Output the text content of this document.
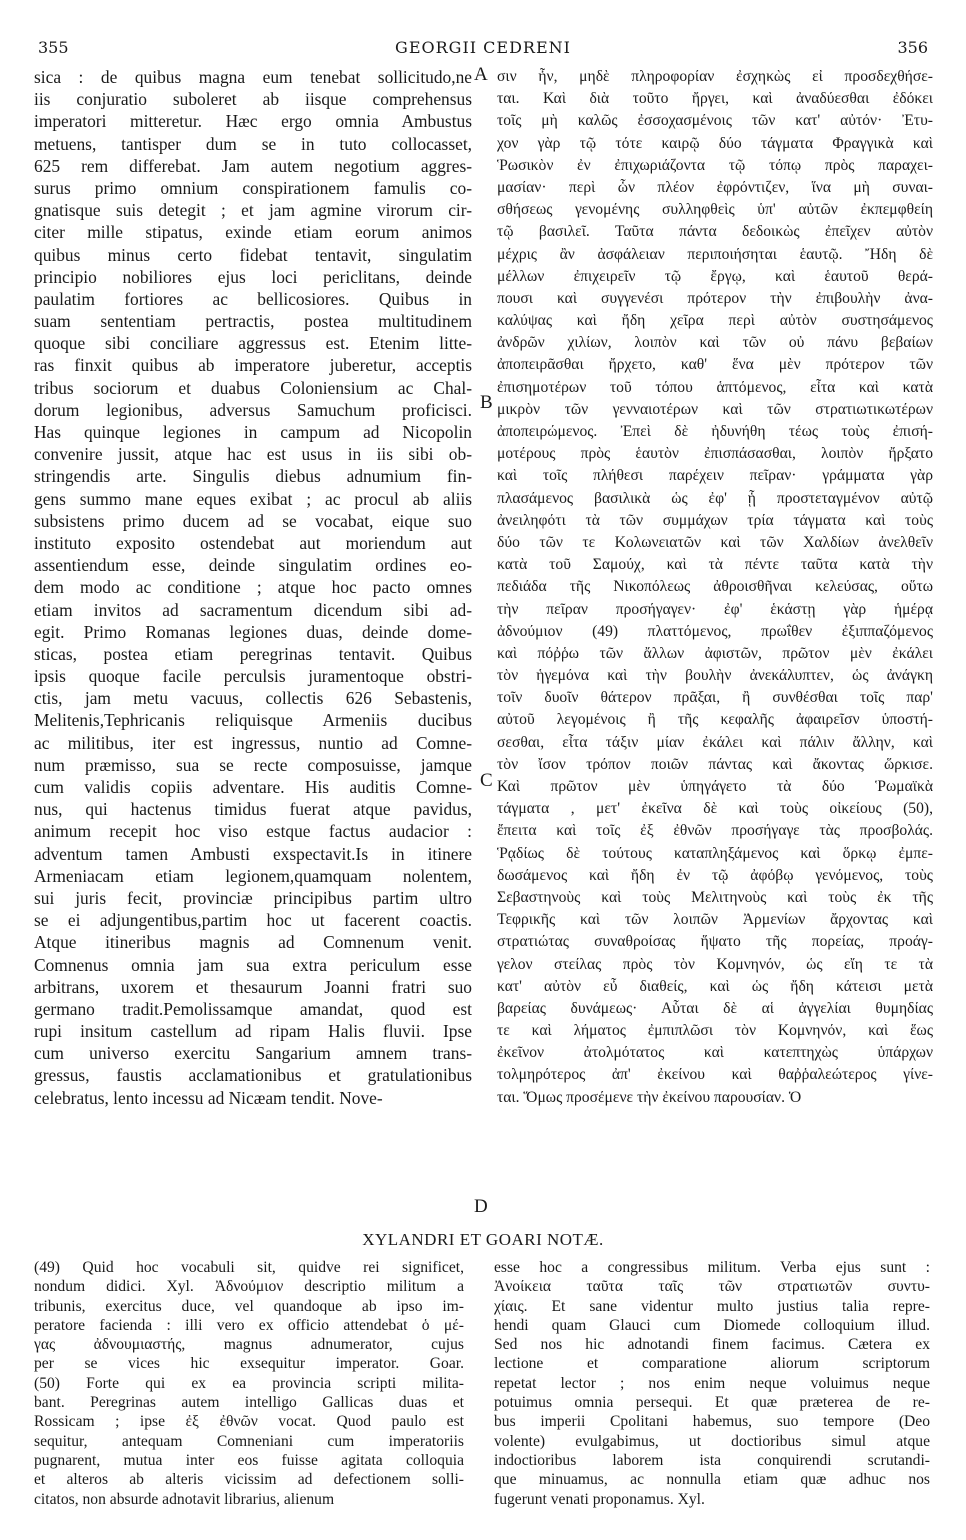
355	GEORGII CEDRENI	356
sica : de quibus magna eum tenebat sollicitudo,ne
iis conjuratio suboleret ab iisque comprehensus
imperatori mitteretur. Hæc ergo omnia Ambustus
metuens, tantisper dum se in tuto collocasset,
625 rem differebat. Jam autem negotium aggres-
surus primo omnium conspirationem famulis co-
gnatisque suis detegit ; et jam agmine virorum cir-
citer mille stipatus, exinde etiam eorum animos
quibus minus certo fidebat tentavit, singulatim
principio nobiliores ejus loci periclitans, deinde
paulatim fortiores ac bellicosiores. Quibus in
suam sententiam pertractis, postea multitudinem
quoque sibi conciliare aggressus est. Etenim litte-
ras finxit quibus ab imperatore juberetur, acceptis
tribus sociorum et duabus Coloniensium ac Chal-
dorum legionibus, adversus Samuchum proficisci.
Has quinque legiones in campum ad Nicopolin
convenire jussit, atque hac est usus in iis sibi ob-
stringendis arte. Singulis diebus adnumium fin-
gens summo mane eques exibat ; ac procul ab aliis
subsistens primo ducem ad se vocabat, eique suo
instituto exposito ostendebat aut moriendum aut
assentiendum esse, deinde singulatim ordines eo-
dem modo ac conditione ; atque hoc pacto omnes
etiam invitos ad sacramentum dicendum sibi ad-
egit. Primo Romanas legiones duas, deinde dome-
sticas, postea etiam peregrinas tentavit. Quibus
ipsis quoque facile perculsis juramentoque obstri-
ctis, jam metu vacuus, collectis 626 Sebastenis,
Melitenis,Tephricanis reliquisque Armeniis ducibus
ac militibus, iter est ingressus, nuntio ad Comne-
num præmisso, sua se recte composuisse, jamque
cum validis copiis adventare. His auditis Comne-
nus, qui hactenus timidus fuerat atque pavidus,
animum recepit hoc viso estque factus audacior :
adventum tamen Ambusti exspectavit.Is in itinere
Armeniacam etiam legionem,quamquam nolentem,
sui juris fecit, provinciæ principibus partim ultro
se ei adjungentibus,partim hoc ut facerent coactis.
Atque itineribus magnis ad Comnenum venit.
Comnenus omnia jam sua extra periculum esse
arbitrans, uxorem et thesaurum Joanni fratri suo
germano tradit.Pemolissamque amandat, quod est
rupi insitum castellum ad ripam Halis fluvii. Ipse
cum universo exercitu Sangarium amnem trans-
gressus, faustis acclamationibus et gratulationibus
celebratus, lento incessu ad Nicæam tendit. Nove-
A
B
C
D
σιν ἦν, μηδὲ πληροφορίαν ἐσχηκὼς εἰ προσδεχθήσε-
ται. Καὶ διὰ τοῦτο ἤργει, καὶ ἀναδύεσθαι ἐδόκει
τοῖς μὴ καλῶς ἐσσοχασμένοις τῶν κατ' αὐτόν· Ἐτυ-
χον γὰρ τῷ τότε καιρῷ δύο τάγματα Φραγγικὰ καὶ
Ῥωσικὸν ἐν ἐπιχωριάζοντα τῷ τόπῳ πρὸς παραχει-
μασίαν· περὶ ὧν πλέον ἐφρόντιζεν, ἵνα μὴ συναι-
σθήσεως γενομένης συλληφθεὶς ὑπ' αὐτῶν ἐκπεμφθείη
τῷ βασιλεῖ. Ταῦτα πάντα δεδοικὼς ἐπεῖχεν αὐτὸν
μέχρις ἂν ἀσφάλειαν περιποιήσηται ἑαυτῷ. Ἤδη δὲ
μέλλων ἐπιχειρεῖν τῷ ἔργῳ, καὶ ἑαυτοῦ θερά-
πουσι καὶ συγγενέσι πρότερον τὴν ἐπιβουλὴν ἀνα-
καλύψας καὶ ἤδη χεῖρα περὶ αὐτὸν συστησάμενος
ἀνδρῶν χιλίων, λοιπὸν καὶ τῶν οὐ πάνυ βεβαίων
ἀποπειρᾶσθαι ἤρχετο, καθ' ἕνα μὲν πρότερον τῶν
ἐπισημοτέρων τοῦ τόπου ἁπτόμενος, εἶτα καὶ κατὰ
μικρὸν τῶν γενναιοτέρων καὶ τῶν στρατιωτικωτέρων
ἀποπειρώμενος. Ἐπεὶ δὲ ἠδυνήθη τέως τοὺς ἐπισή-
μοτέρους πρὸς ἑαυτὸν ἐπισπάσασθαι, λοιπὸν ἤρξατο
καὶ τοῖς πλήθεσι παρέχειν πεῖραν· γράμματα γὰρ
πλασάμενος βασιλικὰ ὡς ἐφ' ᾗ προστεταγμένον αὐτῷ
ἀνειληφότι τὰ τῶν συμμάχων τρία τάγματα καὶ τοὺς
δύο τῶν τε Κολωνειατῶν καὶ τῶν Χαλδίων ἀνελθεῖν
κατὰ τοῦ Σαμούχ, καὶ τὰ πέντε ταῦτα κατὰ τὴν
πεδιάδα τῆς Νικοπόλεως ἀθροισθῆναι κελεύσας, οὕτω
τὴν πεῖραν προσήγαγεν· ἐφ' ἑκάστῃ γὰρ ἡμέρᾳ
ἀδνούμιον (49) πλαττόμενος, πρωΐθεν ἐξιππαζόμενος
καὶ πόῤῥω τῶν ἄλλων ἀφιστῶν, πρῶτον μὲν ἐκάλει
τὸν ἡγεμόνα καὶ τὴν βουλὴν ἀνεκάλυπτεν, ὡς ἀνάγκη
τοῖν δυοῖν θάτερον πρᾶξαι, ἢ συνθέσθαι τοῖς παρ'
αὐτοῦ λεγομένοις ἢ τῆς κεφαλῆς ἀφαιρεῖσν ὑποστή-
σεσθαι, εἶτα τάξιν μίαν ἐκάλει καὶ πάλιν ἄλλην, καὶ
τὸν ἴσον τρόπον ποιῶν πάντας καὶ ἄκοντας ὥρκισε.
Καὶ πρῶτον μὲν ὑπηγάγετο τὰ δύο Ῥωμαϊκὰ
τάγματα , μετ' ἐκεῖνα δὲ καὶ τοὺς οἰκείους (50),
ἔπειτα καὶ τοῖς ἐξ ἐθνῶν προσήγαγε τὰς προσβολάς.
Ῥᾳδίως δὲ τούτους καταπληξάμενος καὶ ὅρκῳ ἐμπε-
δωσάμενος καὶ ἤδη ἐν τῷ ἀφόβῳ γενόμενος, τοὺς
Σεβαστηνοὺς καὶ τοὺς Μελιτηνοὺς καὶ τοὺς ἐκ τῆς
Τεφρικῆς καὶ τῶν λοιπῶν Ἀρμενίων ἄρχοντας καὶ
στρατιώτας συναθροίσας ἥψατο τῆς πορείας, προάγ-
γελον στείλας πρὸς τὸν Κομνηνόν, ὡς εἴη τε τὰ
κατ' αὐτὸν εὖ διαθείς, καὶ ὡς ἤδη κάτεισι μετὰ
βαρείας δυνάμεως· Αὗται δὲ αἱ ἀγγελίαι θυμηδίας
τε καὶ λήματος ἐμπιπλῶσι τὸν Κομνηνόν, καὶ ἕως
ἐκεῖνον ἀτολμότατος καὶ κατεπτηχὼς ὑπάρχων
τολμηρότερος ἀπ' ἐκείνου καὶ θαῤῥαλεώτερος γίνε-
ται. Ὅμως προσέμενε τὴν ἐκείνου παρουσίαν. Ὁ
XYLANDRI ET GOARI NOTÆ.
(49) Quid hoc vocabuli sit, quidve rei significet,
nondum didici. Xyl. Ἀδνούμιον descriptio militum a
tribunis, exercitus duce, vel quandoque ab ipso im-
peratore facienda : illi vero ex officio attendebat ὁ μέ-
γας ἀδνουμιαστής, magnus adnumerator, cujus
per se vices hic exsequitur imperator. Goar.
(50) Forte qui ex ea provincia scripti milita-
bant. Peregrinas autem intelligo Gallicas duas et
Rossicam ; ipse ἐξ ἐθνῶν vocat. Quod paulo est
sequitur, antequam Comneniani cum imperatoriis
pugnarent, mutua inter eos fuisse agitata colloquia
et alteros ab alteris vicissim ad defectionem solli-
citatos, non absurde adnotavit librarius, alienum
esse hoc a congressibus militum. Verba ejus sunt :
Ἀνοίκεια ταῦτα ταῖς τῶν στρατιωτῶν συντυ-
χίαις. Et sane videntur multo justius talia repre-
hendi quam Glauci cum Diomede colloquium illud.
Sed nos hic adnotandi finem facimus. Cætera ex
lectione et comparatione aliorum scriptorum
repetat lector ; nos enim neque voluimus neque
potuimus omnia persequi. Et quæ præterea de re-
bus imperii Cpolitani habemus, suo tempore (Deo
volente) evulgabimus, ut doctioribus simul atque
indoctioribus laborem ista conquirendi scrutandi-
que minuamus, ac nonnulla etiam quæ adhuc nos
fugerunt venati proponamus. Xyl.
